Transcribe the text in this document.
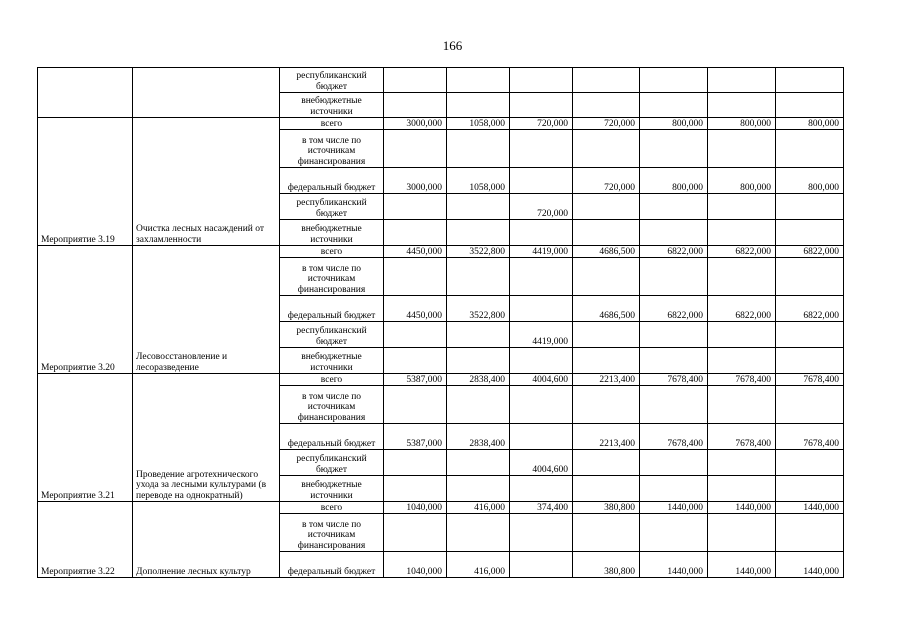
166
		республиканский бюджет							
		внебюджетные источники							
Мероприятие 3.19	Очистка лесных насаждений от захламленности	всего	3000,000	1058,000	720,000	720,000	800,000	800,000	800,000
		в том числе по источникам финансирования							
		федеральный бюджет	3000,000	1058,000		720,000	800,000	800,000	800,000
		республиканский бюджет			720,000				
		внебюджетные источники							
Мероприятие 3.20	Лесовосстановление и лесоразведение	всего	4450,000	3522,800	4419,000	4686,500	6822,000	6822,000	6822,000
		в том числе по источникам финансирования							
		федеральный бюджет	4450,000	3522,800		4686,500	6822,000	6822,000	6822,000
		республиканский бюджет			4419,000				
		внебюджетные источники							
Мероприятие 3.21	Проведение агротехнического ухода за лесными культурами (в переводе на однократный)	всего	5387,000	2838,400	4004,600	2213,400	7678,400	7678,400	7678,400
		в том числе по источникам финансирования							
		федеральный бюджет	5387,000	2838,400		2213,400	7678,400	7678,400	7678,400
		республиканский бюджет			4004,600				
		внебюджетные источники							
Мероприятие 3.22	Дополнение лесных культур	всего	1040,000	416,000	374,400	380,800	1440,000	1440,000	1440,000
		в том числе по источникам финансирования							
		федеральный бюджет	1040,000	416,000		380,800	1440,000	1440,000	1440,000
